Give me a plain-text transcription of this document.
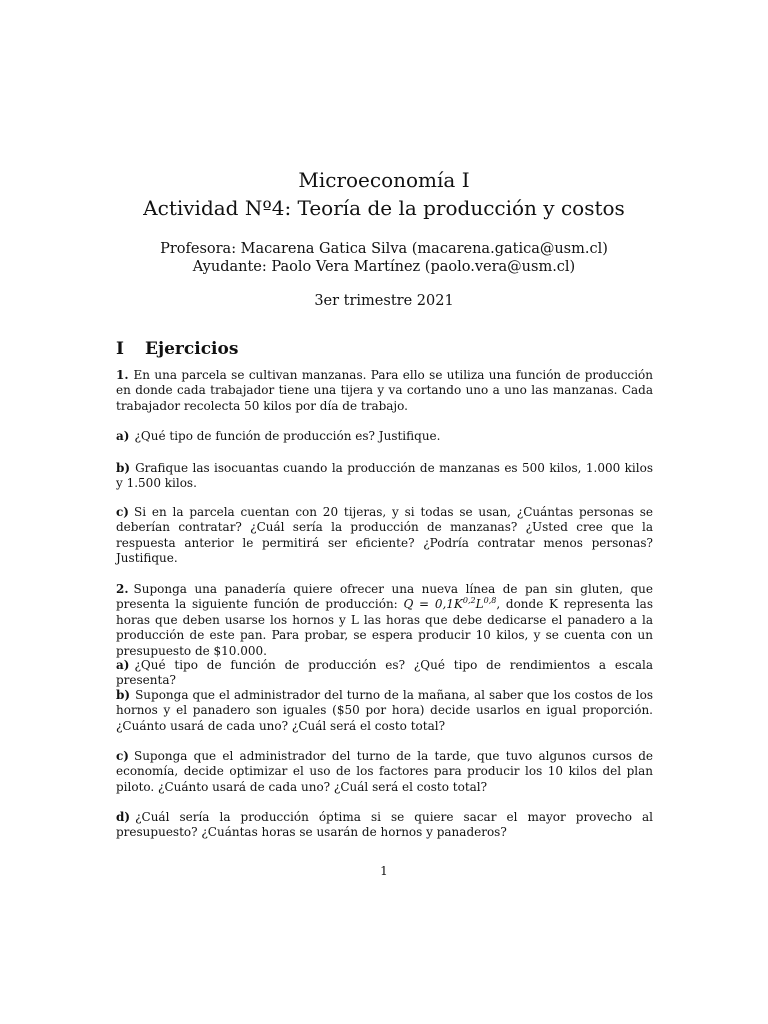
Microeconomía I
Actividad Nº4: Teoría de la producción y costos
Profesora: Macarena Gatica Silva (macarena.gatica@usm.cl)
Ayudante: Paolo Vera Martínez (paolo.vera@usm.cl)
3er trimestre 2021
I Ejercicios
1. En una parcela se cultivan manzanas. Para ello se utiliza una función de producción en donde cada trabajador tiene una tijera y va cortando uno a uno las manzanas. Cada trabajador recolecta 50 kilos por día de trabajo.
a) ¿Qué tipo de función de producción es? Justifique.
b) Grafique las isocuantas cuando la producción de manzanas es 500 kilos, 1.000 kilos y 1.500 kilos.
c) Si en la parcela cuentan con 20 tijeras, y si todas se usan, ¿Cuántas personas se deberían contratar? ¿Cuál sería la producción de manzanas? ¿Usted cree que la respuesta anterior le permitirá ser eficiente? ¿Podría contratar menos personas? Justifique.
2. Suponga una panadería quiere ofrecer una nueva línea de pan sin gluten, que presenta la siguiente función de producción: $Q = 0,1K^{0,2}L^{0,8}$, donde K representa las horas que deben usarse los hornos y L las horas que debe dedicarse el panadero a la producción de este pan. Para probar, se espera producir 10 kilos, y se cuenta con un presupuesto de $10.000.
a) ¿Qué tipo de función de producción es? ¿Qué tipo de rendimientos a escala presenta?
b) Suponga que el administrador del turno de la mañana, al saber que los costos de los hornos y el panadero son iguales ($50 por hora) decide usarlos en igual proporción. ¿Cuánto usará de cada uno? ¿Cuál será el costo total?
c) Suponga que el administrador del turno de la tarde, que tuvo algunos cursos de economía, decide optimizar el uso de los factores para producir los 10 kilos del plan piloto. ¿Cuánto usará de cada uno? ¿Cuál será el costo total?
d) ¿Cuál sería la producción óptima si se quiere sacar el mayor provecho al presupuesto? ¿Cuántas horas se usarán de hornos y panaderos?
1
